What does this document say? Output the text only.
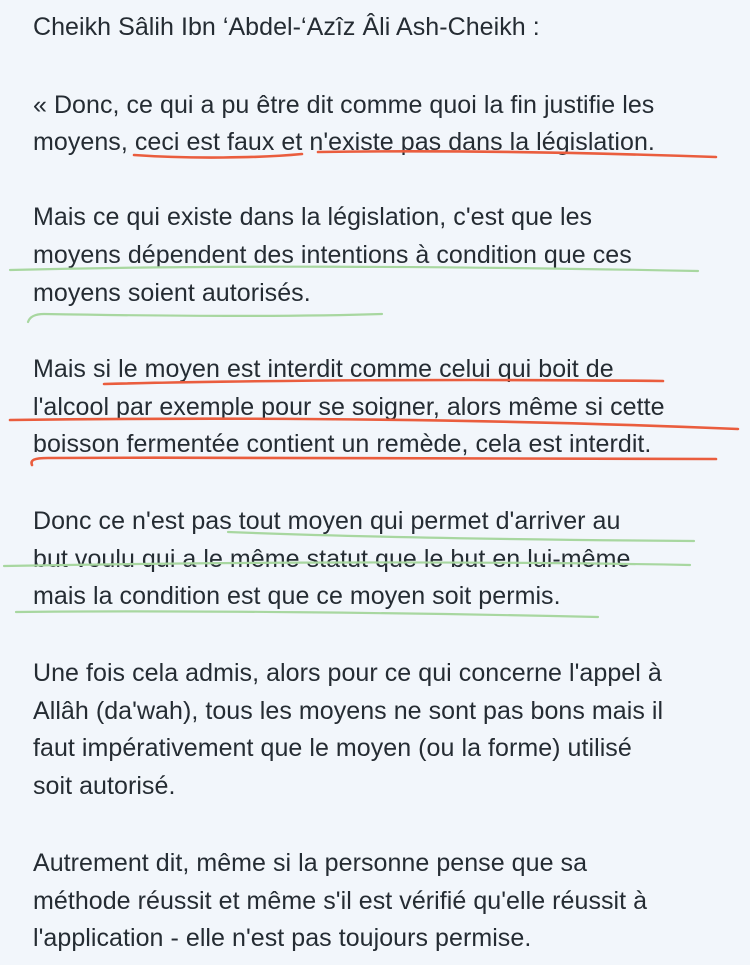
Cheikh Sâlih Ibn ‘Abdel-‘Azîz Âli Ash-Cheikh :
« Donc, ce qui a pu être dit comme quoi la fin justifie les
moyens, ceci est faux et n'existe pas dans la législation.
Mais ce qui existe dans la législation, c'est que les
moyens dépendent des intentions à condition que ces
moyens soient autorisés.
Mais si le moyen est interdit comme celui qui boit de
l'alcool par exemple pour se soigner, alors même si cette
boisson fermentée contient un remède, cela est interdit.
Donc ce n'est pas tout moyen qui permet d'arriver au
but voulu qui a le même statut que le but en lui-même
mais la condition est que ce moyen soit permis.
Une fois cela admis, alors pour ce qui concerne l'appel à
Allâh (da'wah), tous les moyens ne sont pas bons mais il
faut impérativement que le moyen (ou la forme) utilisé
soit autorisé.
Autrement dit, même si la personne pense que sa
méthode réussit et même s'il est vérifié qu'elle réussit à
l'application - elle n'est pas toujours permise.
